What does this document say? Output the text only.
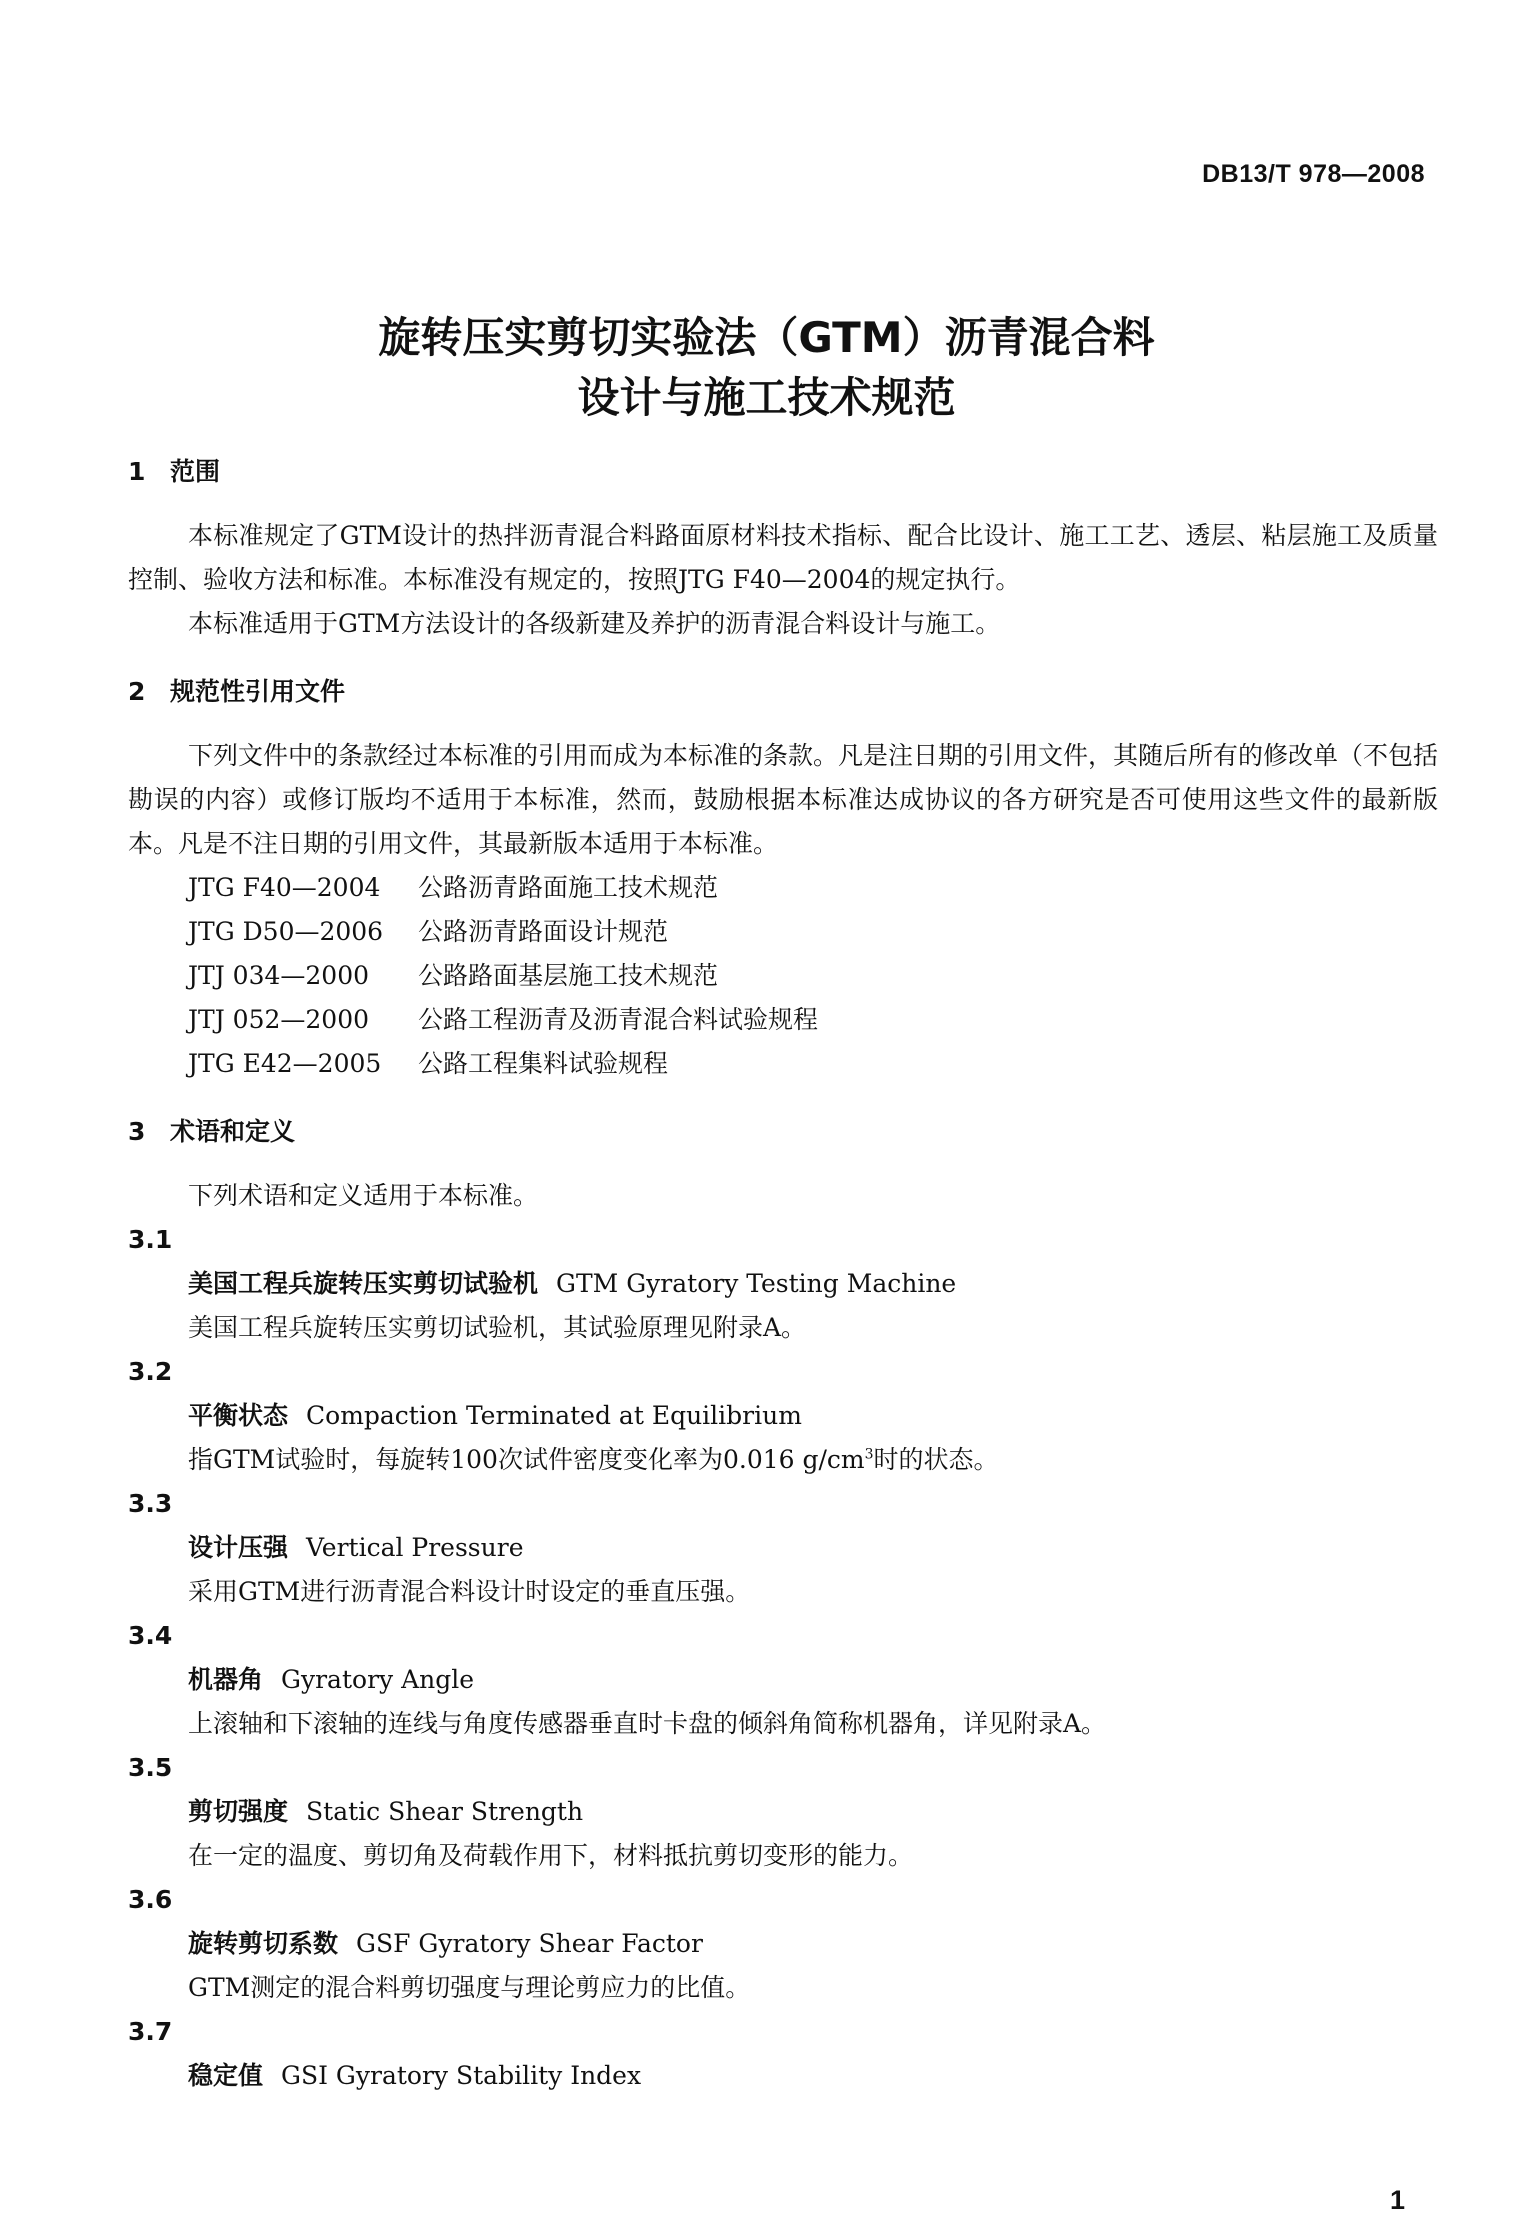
DB13/T 978—2008
旋转压实剪切实验法（GTM）沥青混合料
设计与施工技术规范
1 范围

本标准规定了GTM设计的热拌沥青混合料路面原材料技术指标、配合比设计、施工工艺、透层、粘层施工及质量控制、验收方法和标准。本标准没有规定的，按照JTG F40—2004的规定执行。

本标准适用于GTM方法设计的各级新建及养护的沥青混合料设计与施工。

2 规范性引用文件

下列文件中的条款经过本标准的引用而成为本标准的条款。凡是注日期的引用文件，其随后所有的修改单（不包括勘误的内容）或修订版均不适用于本标准，然而，鼓励根据本标准达成协议的各方研究是否可使用这些文件的最新版本。凡是不注日期的引用文件，其最新版本适用于本标准。

JTG F40—2004 公路沥青路面施工技术规范
JTG D50—2006 公路沥青路面设计规范
JTJ 034—2000 公路路面基层施工技术规范
JTJ 052—2000 公路工程沥青及沥青混合料试验规程
JTG E42—2005 公路工程集料试验规程
3 术语和定义

下列术语和定义适用于本标准。

3.1
美国工程兵旋转压实剪切试验机 GTM Gyratory Testing Machine
美国工程兵旋转压实剪切试验机，其试验原理见附录A。
3.2
平衡状态 Compaction Terminated at Equilibrium
指GTM试验时，每旋转100次试件密度变化率为0.016 $g/cm^3$时的状态。
3.3
设计压强 Vertical Pressure
采用GTM进行沥青混合料设计时设定的垂直压强。
3.4
机器角 Gyratory Angle
上滚轴和下滚轴的连线与角度传感器垂直时卡盘的倾斜角简称机器角，详见附录A。
3.5
剪切强度 Static Shear Strength
在一定的温度、剪切角及荷载作用下，材料抵抗剪切变形的能力。
3.6
旋转剪切系数 GSF Gyratory Shear Factor
GTM测定的混合料剪切强度与理论剪应力的比值。
3.7
稳定值 GSI Gyratory Stability Index
1
